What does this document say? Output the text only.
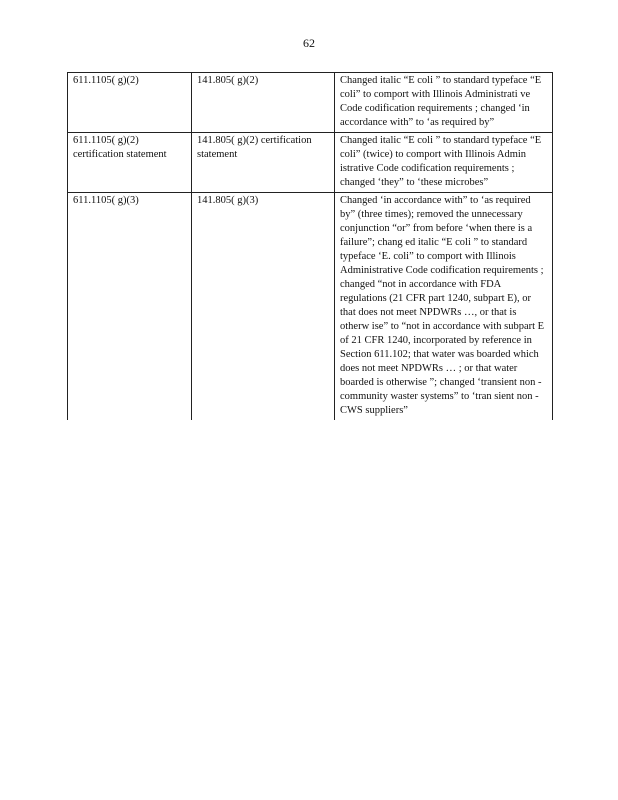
62
611.1105( g)(2)	141.805( g)(2)	Changed italic “E coli ” to standard typeface “E coli” to comport with Illinois Administrati ve Code codification requirements ; changed ‘in accordance with” to ‘as required by”
611.1105( g)(2) certification statement	141.805( g)(2) certification statement	Changed italic “E coli ” to standard typeface “E coli” (twice) to comport with Illinois Admin istrative Code codification requirements ; changed ‘they” to ‘these microbes”
611.1105( g)(3)	141.805( g)(3)	Changed ‘in accordance with” to ‘as required by” (three times); removed the unnecessary conjunction “or” from before ‘when there is a failure”; chang ed italic “E coli ” to standard typeface ‘E. coli” to comport with Illinois Administrative Code codification requirements ; changed “not in accordance with FDA regulations (21 CFR part 1240, subpart E), or that does not meet NPDWRs …, or that is otherw ise” to “not in accordance with subpart E of 21 CFR 1240, incorporated by reference in Section 611.102; that water was boarded which does not meet NPDWRs … ; or that water boarded is otherwise ”; changed ‘transient non - community waster systems” to ‘tran sient non -CWS suppliers”
